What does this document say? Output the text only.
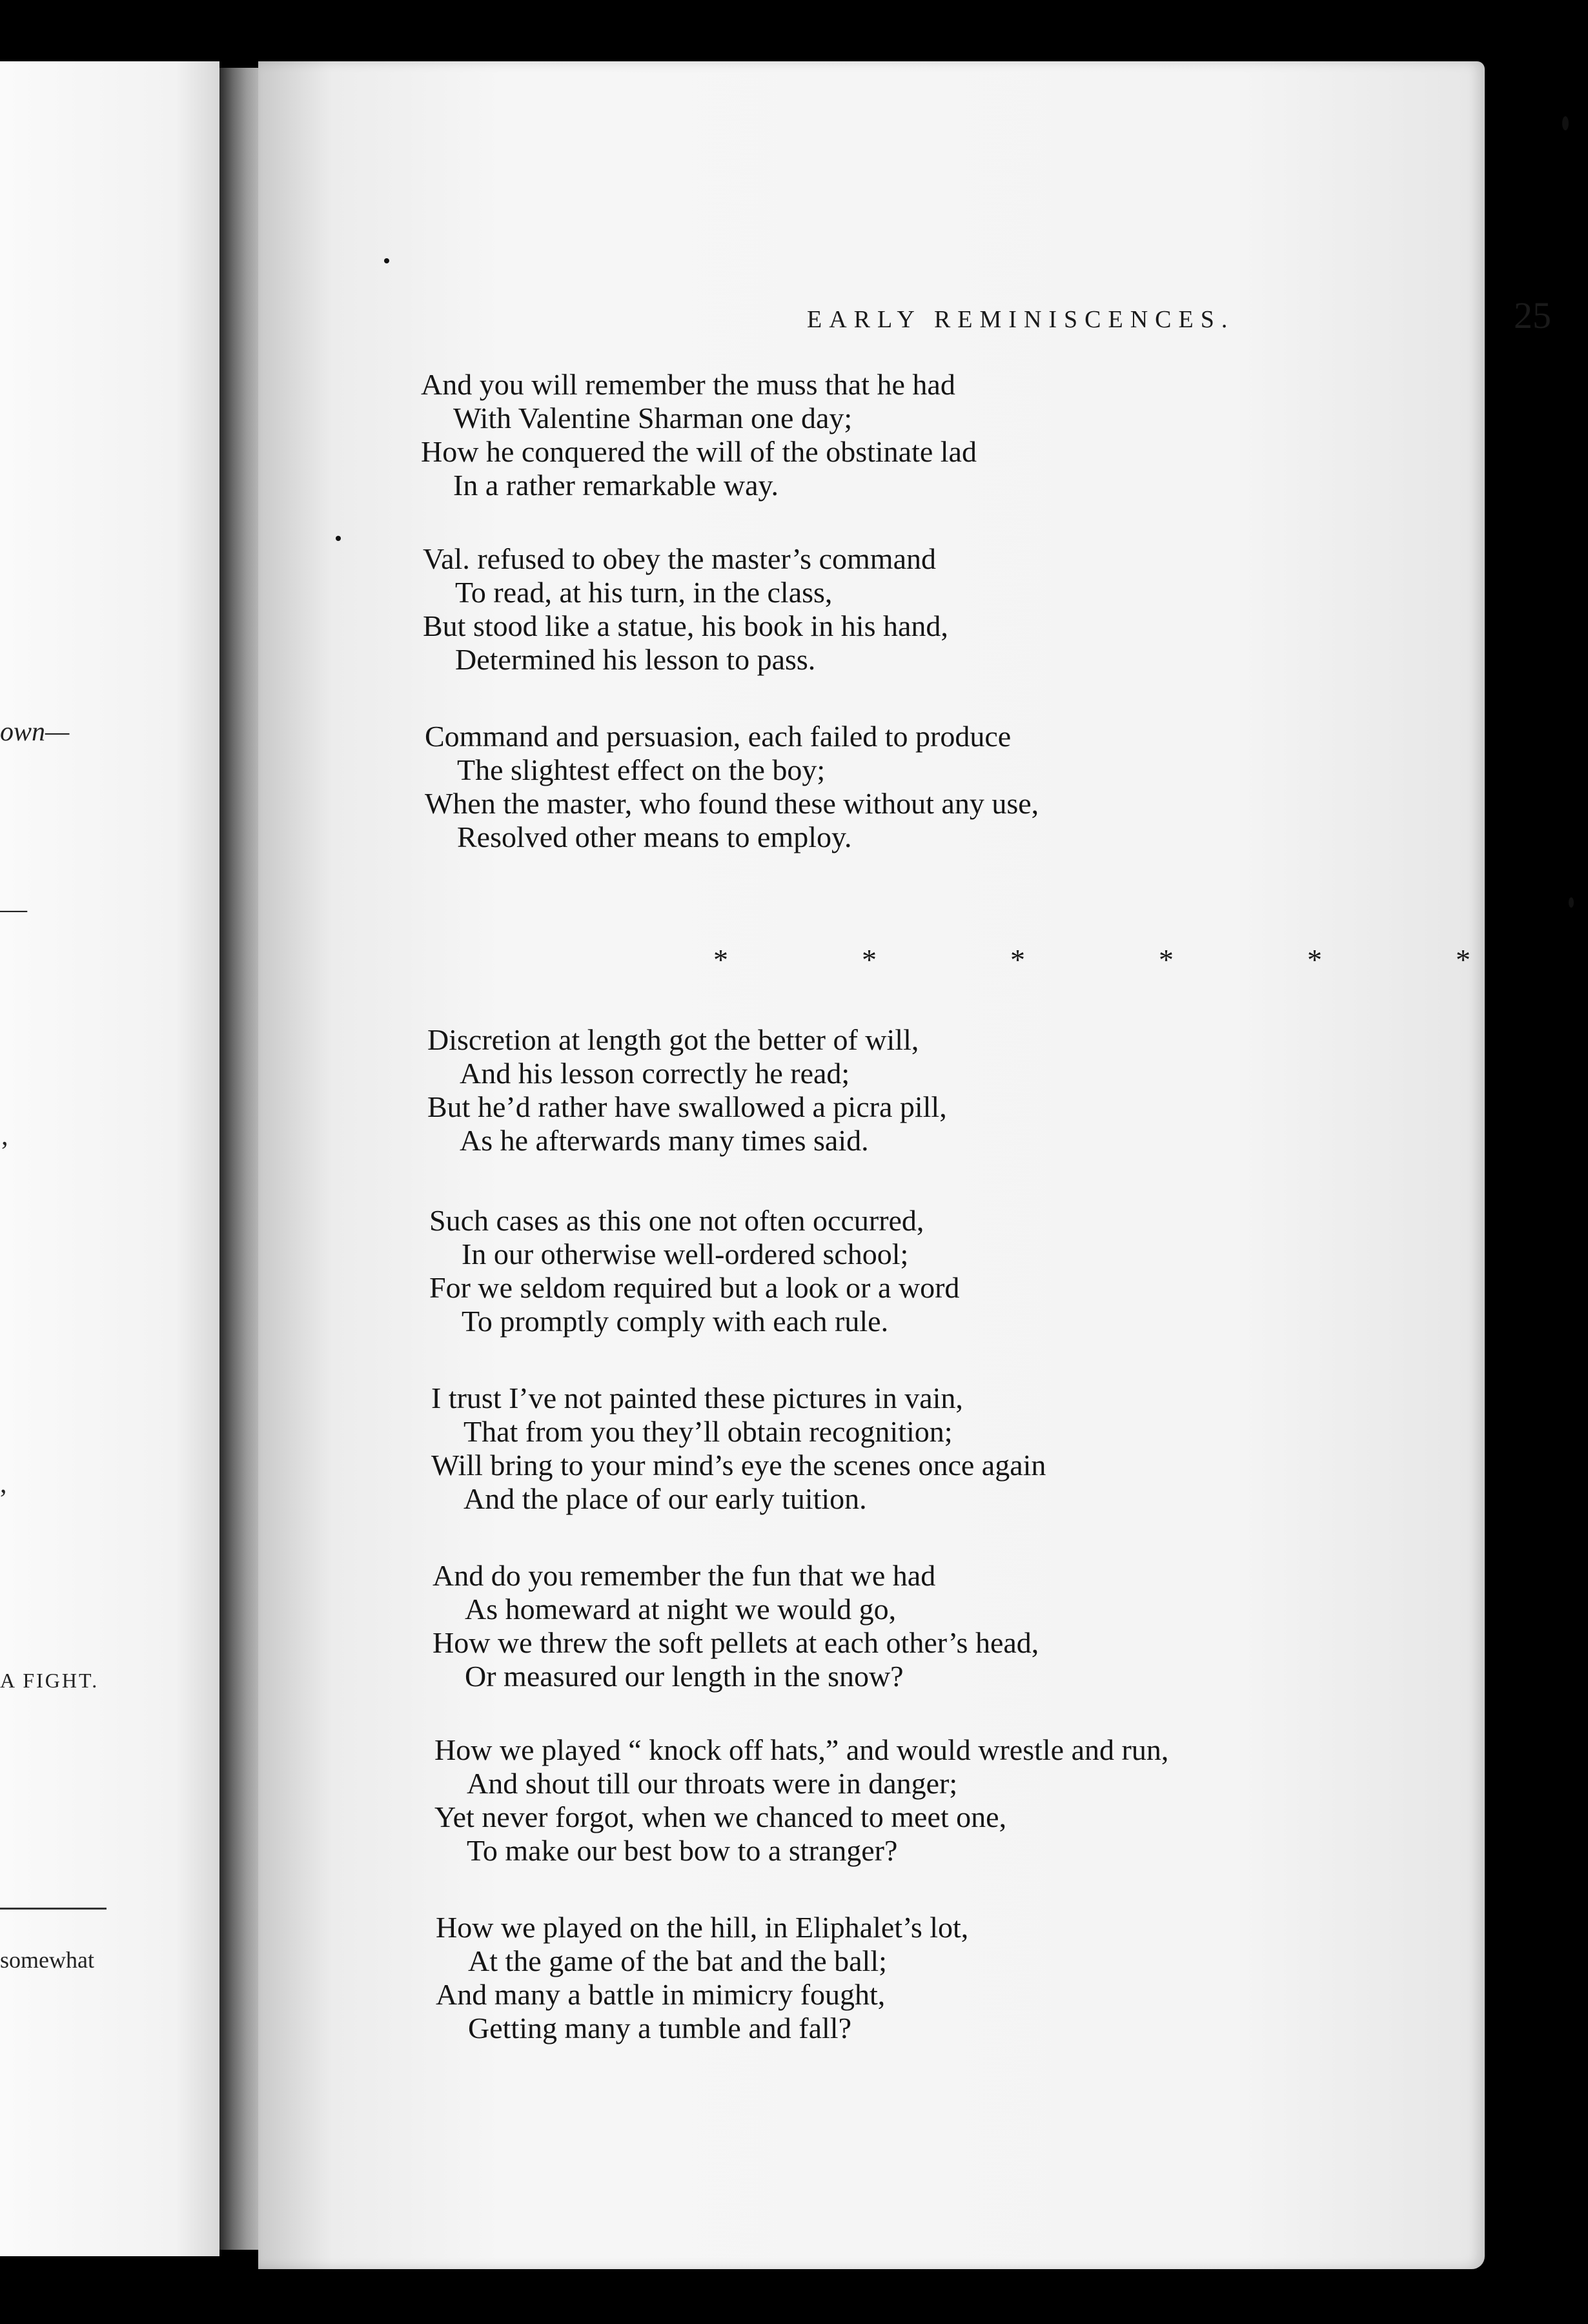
own—
—
’
,
A FIGHT.
somewhat
EARLY REMINISCENCES.	25
And you will remember the muss that he had
With Valentine Sharman one day;
How he conquered the will of the obstinate lad
In a rather remarkable way.
Val. refused to obey the master’s command
To read, at his turn, in the class,
But stood like a statue, his book in his hand,
Determined his lesson to pass.
Command and persuasion, each failed to produce
The slightest effect on the boy;
When the master, who found these without any use,
Resolved other means to employ.
*	*	*	*	*	*
Discretion at length got the better of will,
And his lesson correctly he read;
But he’d rather have swallowed a picra pill,
As he afterwards many times said.
Such cases as this one not often occurred,
In our otherwise well-ordered school;
For we seldom required but a look or a word
To promptly comply with each rule.
I trust I’ve not painted these pictures in vain,
That from you they’ll obtain recognition;
Will bring to your mind’s eye the scenes once again
And the place of our early tuition.
And do you remember the fun that we had
As homeward at night we would go,
How we threw the soft pellets at each other’s head,
Or measured our length in the snow?
How we played “ knock off hats,” and would wrestle and run,
And shout till our throats were in danger;
Yet never forgot, when we chanced to meet one,
To make our best bow to a stranger?
How we played on the hill, in Eliphalet’s lot,
At the game of the bat and the ball;
And many a battle in mimicry fought,
Getting many a tumble and fall?
